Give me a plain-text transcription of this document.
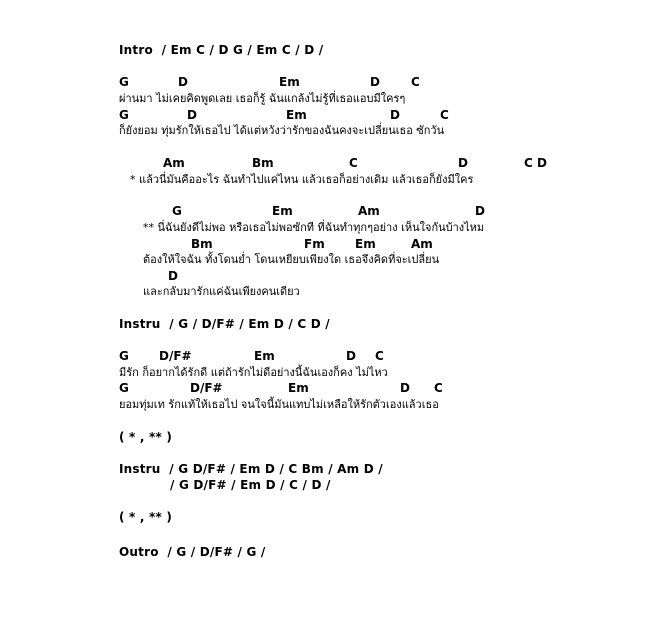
Intro  / Em C / D G / Em C / D /
G	D	Em	D	C
ผ่านมา ไม่เคยคิดพูดเลย เธอก็รู้ ฉันแกล้งไม่รู้ที่เธอแอบมีใครๆ
G	D	Em	D	C
ก็ยังยอม ทุ่มรักให้เธอไป ได้แต่หวังว่ารักของฉันคงจะเปลี่ยนเธอ ซักวัน
Am	Bm	C	D	C D
* แล้วนี่มันคืออะไร ฉันทำไปแค่ไหน แล้วเธอก็อย่างเดิม แล้วเธอก็ยังมีใคร
G	Em	Am	D
** นี่ฉันยังดีไม่พอ หรือเธอไม่พอซักที ที่ฉันทำทุกๆอย่าง เห็นใจกันบ้างไหม
Bm	Fm	Em	Am
ต้องให้ใจฉัน ทั้งโดนย่ำ โดนเหยียบเพียงใด เธอจึงคิดที่จะเปลี่ยน
D
และกลับมารักแค่ฉันเพียงคนเดียว
Instru  / G / D/F# / Em D / C D /
G	D/F#	Em	D C
มีรัก ก็อยากได้รักดี แต่ถ้ารักไม่ดีอย่างนี้ฉันเองก็คง ไม่ไหว
G	D/F#	Em	D C
ยอมทุ่มเท รักแท้ให้เธอไป จนใจนี้มันแทบไม่เหลือให้รักตัวเองแล้วเธอ
( * , ** )
Instru  / G D/F# / Em D / C Bm / Am D /
/ G D/F# / Em D / C / D /
( * , ** )
Outro  / G / D/F# / G /
